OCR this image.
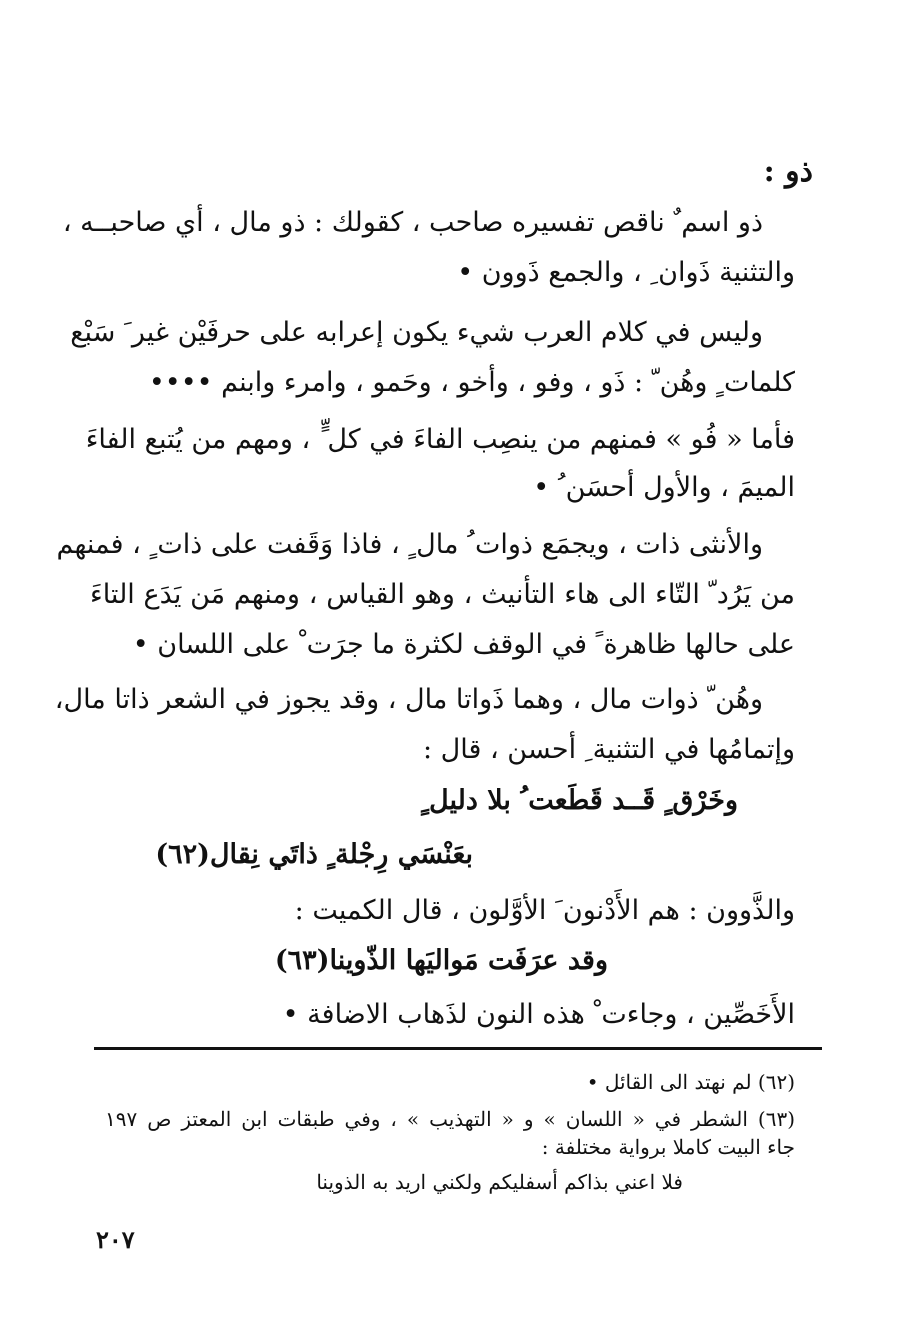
ذو :
ذو اسم ٌ ناقص تفسيره صاحب ، كقولك : ذو مال ، أي صاحبــه ،
والتثنية ذَوان ِ ، والجمع ذَوون •
وليس في كلام العرب شيء يكون إعرابه على حرفَيْن غير َ سَبْع
كلمات ٍ وهُن ّ : ذَو ، وفو ، وأخو ، وحَمو ، وامرء وابنم ••••
فأما « فُو » فمنهم من ينصِب الفاءَ في كل ٍّ ، ومهم من يُتبع الفاءَ
الميمَ ، والأول أحسَن ُ •
والأنثى ذات ، ويجمَع ذوات ُ مال ٍ ، فاذا وَقَفت على ذات ٍ ، فمنهم
من يَرُد ّ التّاء الى هاء التأنيث ، وهو القياس ، ومنهم مَن يَدَع التاءَ
على حالها ظاهرة ً في الوقف لكثرة ما جرَت ْ على اللسان •
وهُن ّ ذوات مال ، وهما ذَواتا مال ، وقد يجوز في الشعر ذاتا مال،
وإتمامُها في التثنية ِ أحسن ، قال :
وخَرْق ٍ قَــد قَطَعت ُ بلا دليل ٍ
بعَنْسَي رِجْلة ٍ ذاتَي نِقال(٦٢)
والذَّوون : هم الأَدْنون َ الأوَّلون ، قال الكميت :
وقد عرَفَت مَواليَها الذّوينا(٦٣)
الأَخَصِّين ، وجاءت ْ هذه النون لذَهاب الاضافة •
(٦٢) لم نهتد الى القائل •
(٦٣) الشطر في « اللسان » و « التهذيب » ، وفي طبقات ابن المعتز ص ١٩٧
جاء البيت كاملا برواية مختلفة :
فلا اعني بذاكم أسفليكم ولكني اريد به الذوينا
٢٠٧
